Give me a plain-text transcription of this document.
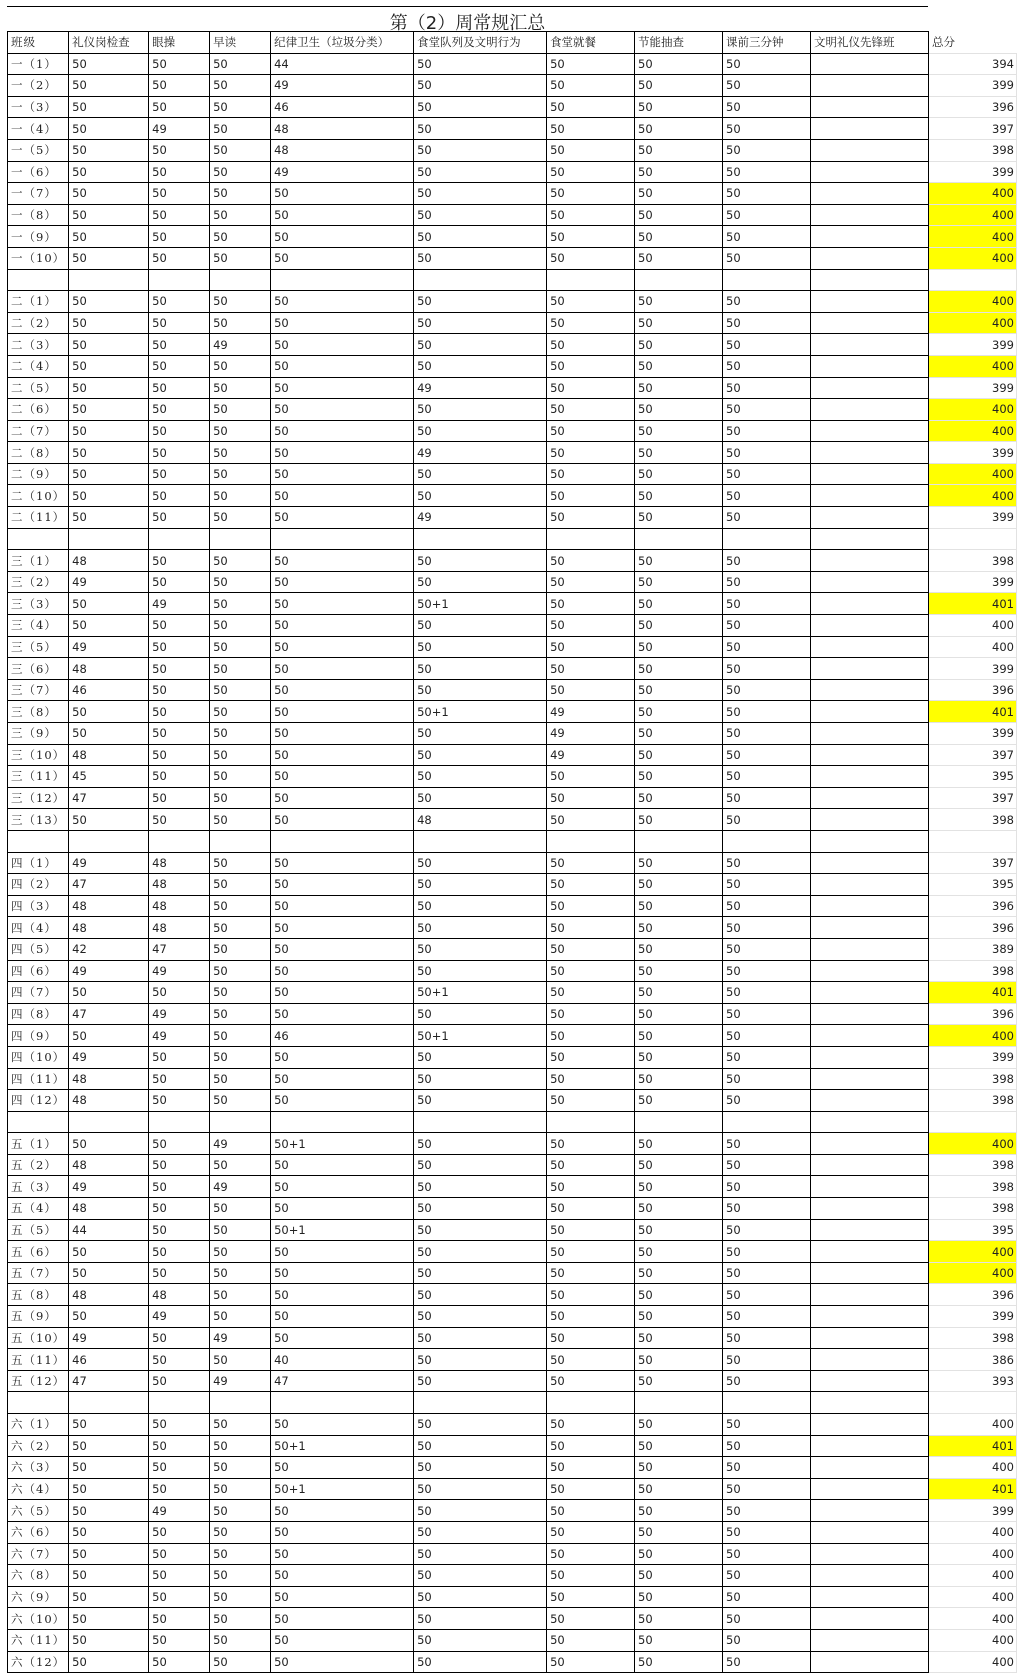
第（2）周常规汇总
班级	礼仪岗检查	眼操	早读	纪律卫生（垃圾分类）	食堂队列及文明行为	食堂就餐	节能抽查	课前三分钟	文明礼仪先锋班	总分
一（1）	50	50	50	44	50	50	50	50		394
一（2）	50	50	50	49	50	50	50	50		399
一（3）	50	50	50	46	50	50	50	50		396
一（4）	50	49	50	48	50	50	50	50		397
一（5）	50	50	50	48	50	50	50	50		398
一（6）	50	50	50	49	50	50	50	50		399
一（7）	50	50	50	50	50	50	50	50		400
一（8）	50	50	50	50	50	50	50	50		400
一（9）	50	50	50	50	50	50	50	50		400
一（10）	50	50	50	50	50	50	50	50		400

二（1）	50	50	50	50	50	50	50	50		400
二（2）	50	50	50	50	50	50	50	50		400
二（3）	50	50	49	50	50	50	50	50		399
二（4）	50	50	50	50	50	50	50	50		400
二（5）	50	50	50	50	49	50	50	50		399
二（6）	50	50	50	50	50	50	50	50		400
二（7）	50	50	50	50	50	50	50	50		400
二（8）	50	50	50	50	49	50	50	50		399
二（9）	50	50	50	50	50	50	50	50		400
二（10）	50	50	50	50	50	50	50	50		400
二（11）	50	50	50	50	49	50	50	50		399

三（1）	48	50	50	50	50	50	50	50		398
三（2）	49	50	50	50	50	50	50	50		399
三（3）	50	49	50	50	50+1	50	50	50		401
三（4）	50	50	50	50	50	50	50	50		400
三（5）	49	50	50	50	50	50	50	50		400
三（6）	48	50	50	50	50	50	50	50		399
三（7）	46	50	50	50	50	50	50	50		396
三（8）	50	50	50	50	50+1	49	50	50		401
三（9）	50	50	50	50	50	49	50	50		399
三（10）	48	50	50	50	50	49	50	50		397
三（11）	45	50	50	50	50	50	50	50		395
三（12）	47	50	50	50	50	50	50	50		397
三（13）	50	50	50	50	48	50	50	50		398

四（1）	49	48	50	50	50	50	50	50		397
四（2）	47	48	50	50	50	50	50	50		395
四（3）	48	48	50	50	50	50	50	50		396
四（4）	48	48	50	50	50	50	50	50		396
四（5）	42	47	50	50	50	50	50	50		389
四（6）	49	49	50	50	50	50	50	50		398
四（7）	50	50	50	50	50+1	50	50	50		401
四（8）	47	49	50	50	50	50	50	50		396
四（9）	50	49	50	46	50+1	50	50	50		400
四（10）	49	50	50	50	50	50	50	50		399
四（11）	48	50	50	50	50	50	50	50		398
四（12）	48	50	50	50	50	50	50	50		398

五（1）	50	50	49	50+1	50	50	50	50		400
五（2）	48	50	50	50	50	50	50	50		398
五（3）	49	50	49	50	50	50	50	50		398
五（4）	48	50	50	50	50	50	50	50		398
五（5）	44	50	50	50+1	50	50	50	50		395
五（6）	50	50	50	50	50	50	50	50		400
五（7）	50	50	50	50	50	50	50	50		400
五（8）	48	48	50	50	50	50	50	50		396
五（9）	50	49	50	50	50	50	50	50		399
五（10）	49	50	49	50	50	50	50	50		398
五（11）	46	50	50	40	50	50	50	50		386
五（12）	47	50	49	47	50	50	50	50		393

六（1）	50	50	50	50	50	50	50	50		400
六（2）	50	50	50	50+1	50	50	50	50		401
六（3）	50	50	50	50	50	50	50	50		400
六（4）	50	50	50	50+1	50	50	50	50		401
六（5）	50	49	50	50	50	50	50	50		399
六（6）	50	50	50	50	50	50	50	50		400
六（7）	50	50	50	50	50	50	50	50		400
六（8）	50	50	50	50	50	50	50	50		400
六（9）	50	50	50	50	50	50	50	50		400
六（10）	50	50	50	50	50	50	50	50		400
六（11）	50	50	50	50	50	50	50	50		400
六（12）	50	50	50	50	50	50	50	50		400
